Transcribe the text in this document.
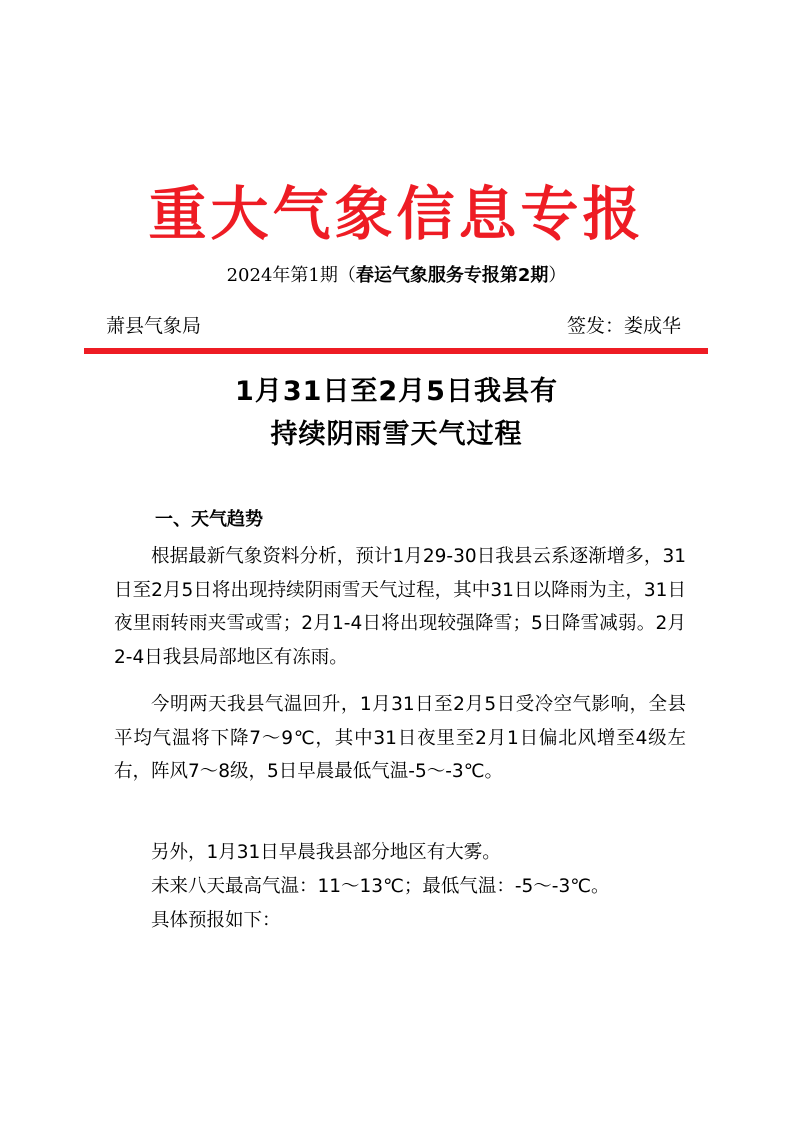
重大气象信息专报
2024年第1期（春运气象服务专报第2期）
萧县气象局	签发：娄成华
1月31日至2月5日我县有
持续阴雨雪天气过程
一、天气趋势

根据最新气象资料分析，预计1月29-30日我县云系逐渐增多，31日至2月5日将出现持续阴雨雪天气过程，其中31日以降雨为主，31日夜里雨转雨夹雪或雪；2月1-4日将出现较强降雪；5日降雪减弱。2月2-4日我县局部地区有冻雨。

今明两天我县气温回升，1月31日至2月5日受冷空气影响，全县平均气温将下降7～9℃，其中31日夜里至2月1日偏北风增至4级左右，阵风7～8级，5日早晨最低气温-5～-3℃。

另外，1月31日早晨我县部分地区有大雾。

未来八天最高气温：11～13℃；最低气温：-5～-3℃。

具体预报如下：
